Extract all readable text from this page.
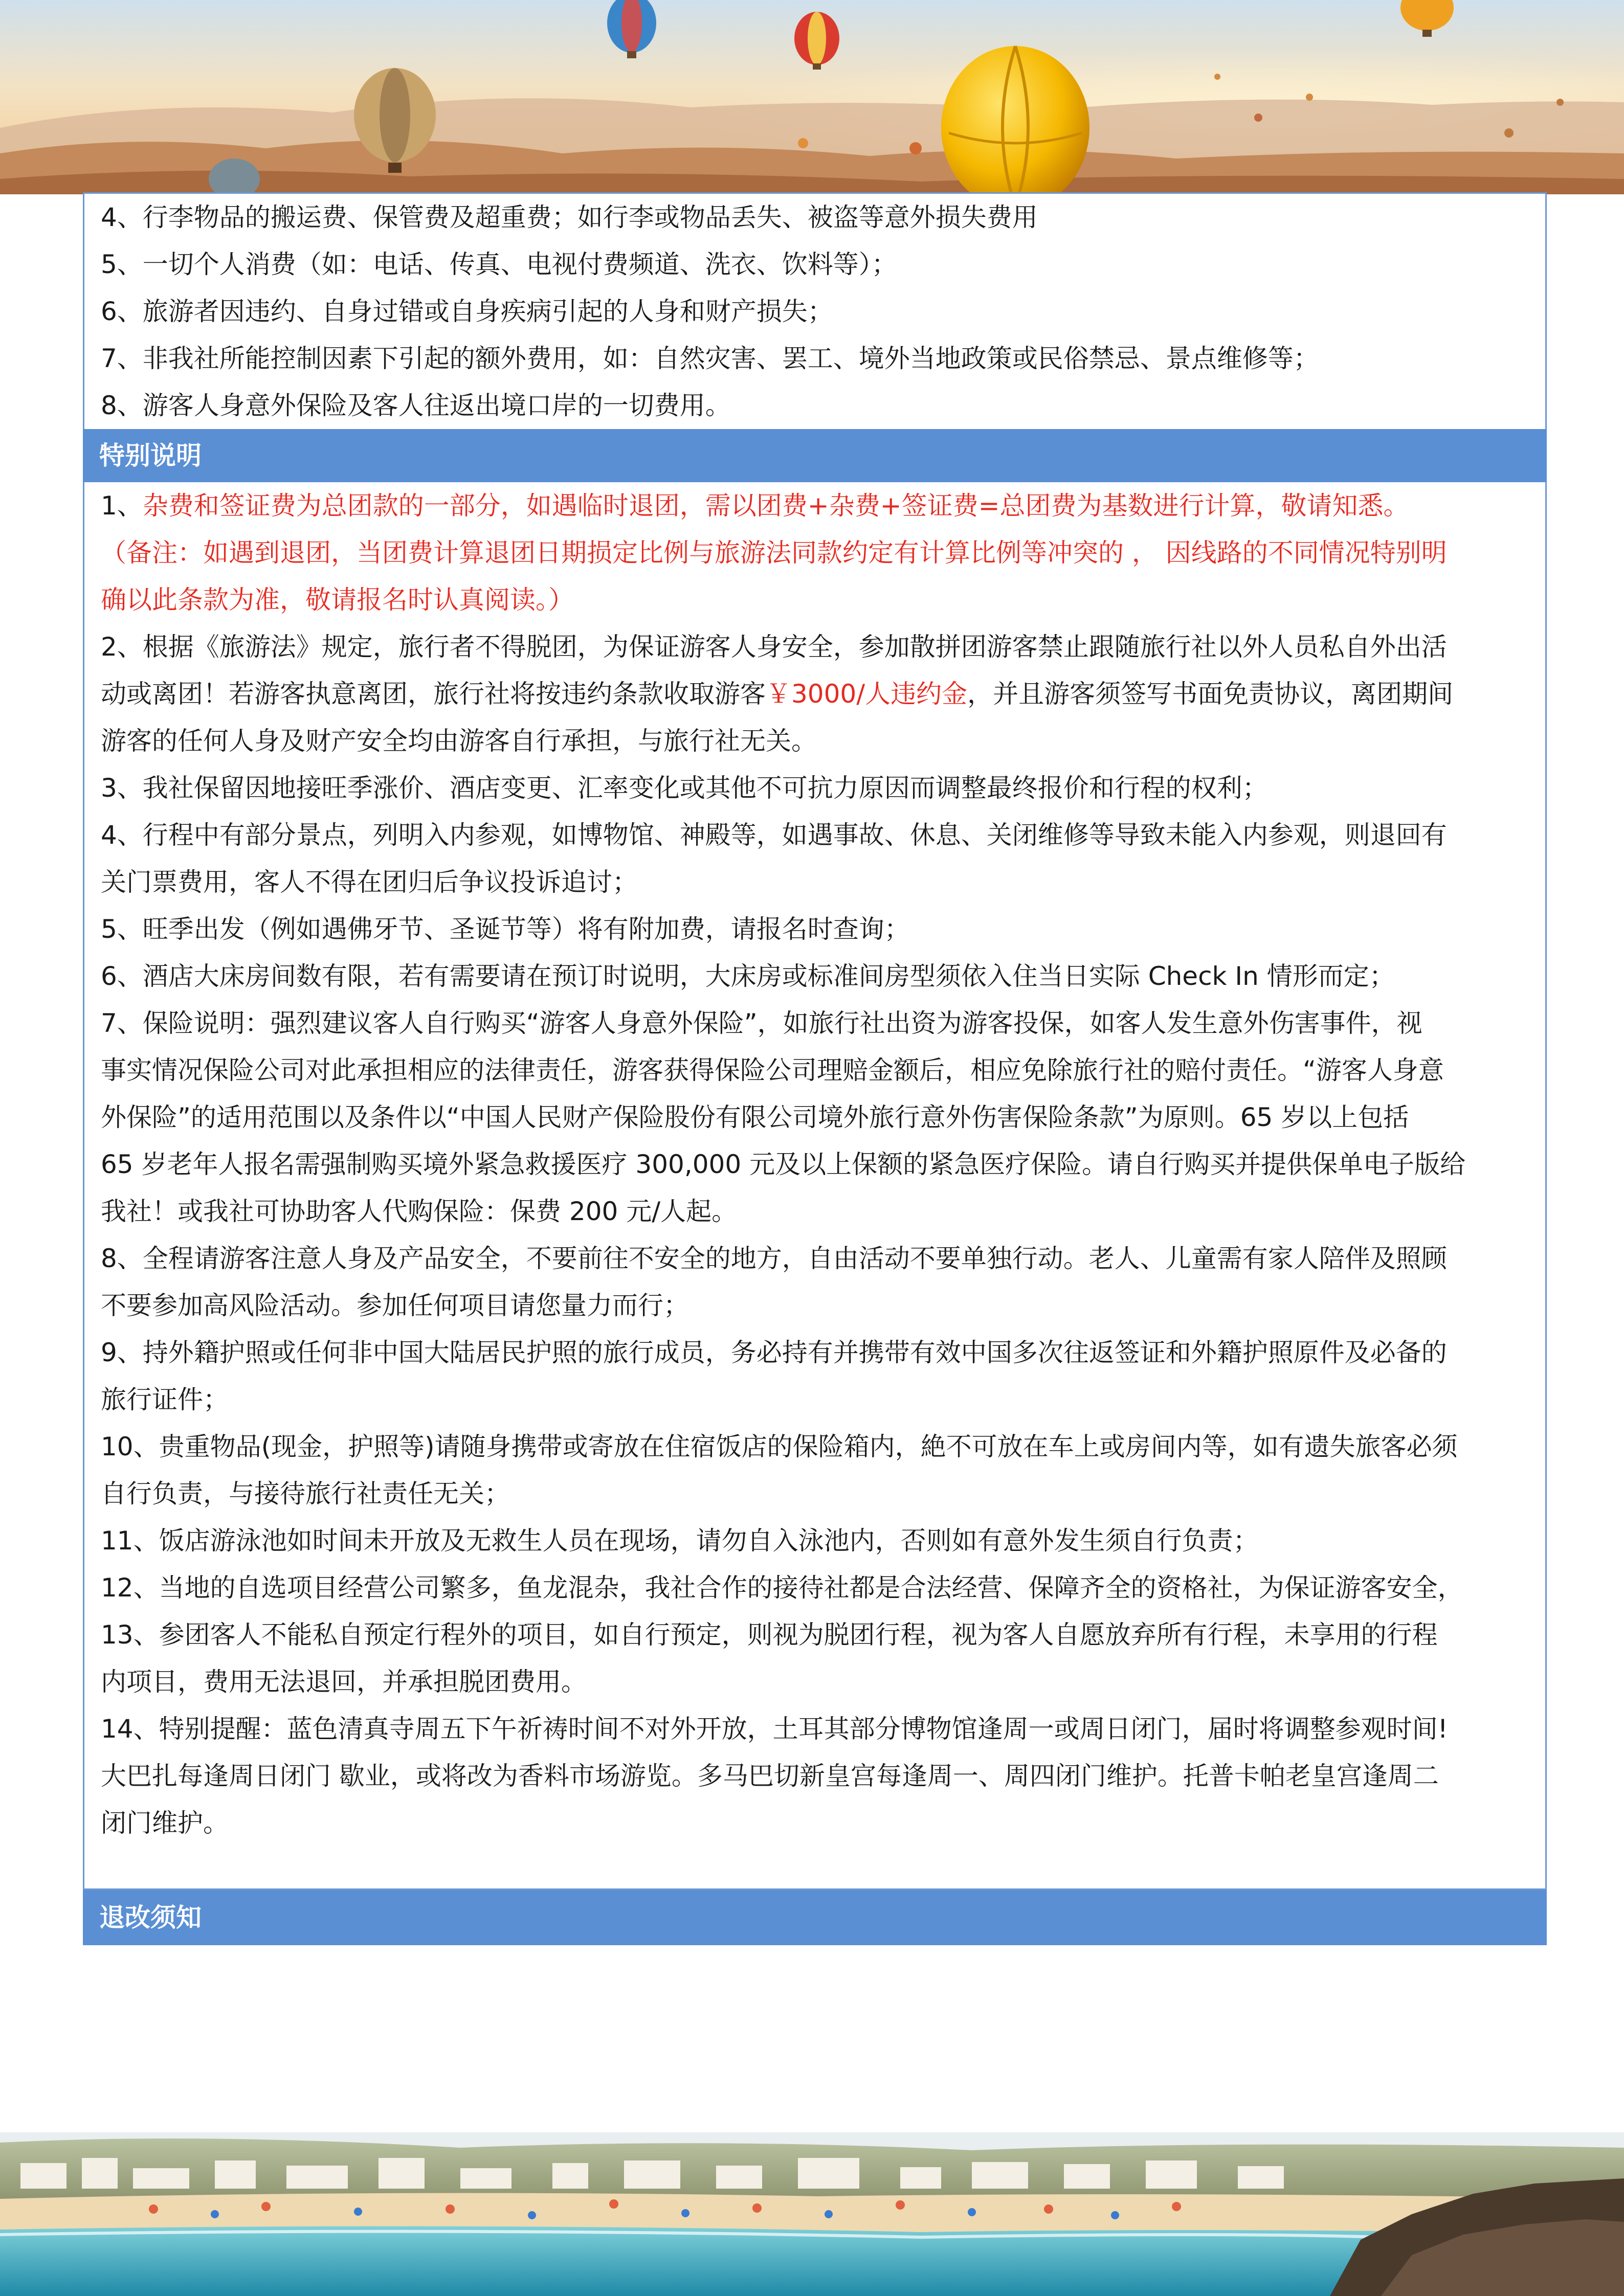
4、行李物品的搬运费、保管费及超重费；如行李或物品丢失、被盗等意外损失费用
5、一切个人消费（如：电话、传真、电视付费频道、洗衣、饮料等）；
6、旅游者因违约、自身过错或自身疾病引起的人身和财产损失；
7、非我社所能控制因素下引起的额外费用，如：自然灾害、罢工、境外当地政策或民俗禁忌、景点维修等；
8、游客人身意外保险及客人往返出境口岸的一切费用。
特别说明
1、杂费和签证费为总团款的一部分，如遇临时退团，需以团费+杂费+签证费=总团费为基数进行计算，敬请知悉。
（备注：如遇到退团，当团费计算退团日期损定比例与旅游法同款约定有计算比例等冲突的 ， 因线路的不同情况特别明
确以此条款为准，敬请报名时认真阅读。）
2、根据《旅游法》规定，旅行者不得脱团，为保证游客人身安全，参加散拼团游客禁止跟随旅行社以外人员私自外出活
动或离团！若游客执意离团，旅行社将按违约条款收取游客￥3000/人违约金，并且游客须签写书面免责协议，离团期间
游客的任何人身及财产安全均由游客自行承担，与旅行社无关。
3、我社保留因地接旺季涨价、酒店变更、汇率变化或其他不可抗力原因而调整最终报价和行程的权利；
4、行程中有部分景点，列明入内参观，如博物馆、神殿等，如遇事故、休息、关闭维修等导致未能入内参观，则退回有
关门票费用，客人不得在团归后争议投诉追讨；
5、旺季出发（例如遇佛牙节、圣诞节等）将有附加费，请报名时查询；
6、酒店大床房间数有限，若有需要请在预订时说明，大床房或标准间房型须依入住当日实际 Check In 情形而定；
7、保险说明：强烈建议客人自行购买“游客人身意外保险”，如旅行社出资为游客投保，如客人发生意外伤害事件，视
事实情况保险公司对此承担相应的法律责任，游客获得保险公司理赔金额后，相应免除旅行社的赔付责任。“游客人身意
外保险”的适用范围以及条件以“中国人民财产保险股份有限公司境外旅行意外伤害保险条款”为原则。65 岁以上包括
65 岁老年人报名需强制购买境外紧急救援医疗 300,000 元及以上保额的紧急医疗保险。请自行购买并提供保单电子版给
我社！或我社可协助客人代购保险：保费 200 元/人起。
8、全程请游客注意人身及产品安全，不要前往不安全的地方，自由活动不要单独行动。老人、儿童需有家人陪伴及照顾
不要参加高风险活动。参加任何项目请您量力而行；
9、持外籍护照或任何非中国大陆居民护照的旅行成员，务必持有并携带有效中国多次往返签证和外籍护照原件及必备的
旅行证件；
10、贵重物品(现金，护照等)请随身携带或寄放在住宿饭店的保险箱内，絶不可放在车上或房间内等，如有遗失旅客必须
自行负责，与接待旅行社责任无关；
11、饭店游泳池如时间未开放及无救生人员在现场，请勿自入泳池内，否则如有意外发生须自行负责；
12、当地的自选项目经营公司繁多，鱼龙混杂，我社合作的接待社都是合法经营、保障齐全的资格社，为保证游客安全，
13、参团客人不能私自预定行程外的项目，如自行预定，则视为脱团行程，视为客人自愿放弃所有行程，未享用的行程
内项目，费用无法退回，并承担脱团费用。
14、特别提醒：蓝色清真寺周五下午祈祷时间不对外开放，土耳其部分博物馆逢周一或周日闭门，届时将调整参观时间!
大巴扎每逢周日闭门 歇业，或将改为香料市场游览。多马巴切新皇宫每逢周一、周四闭门维护。托普卡帕老皇宫逢周二
闭门维护。
退改须知
